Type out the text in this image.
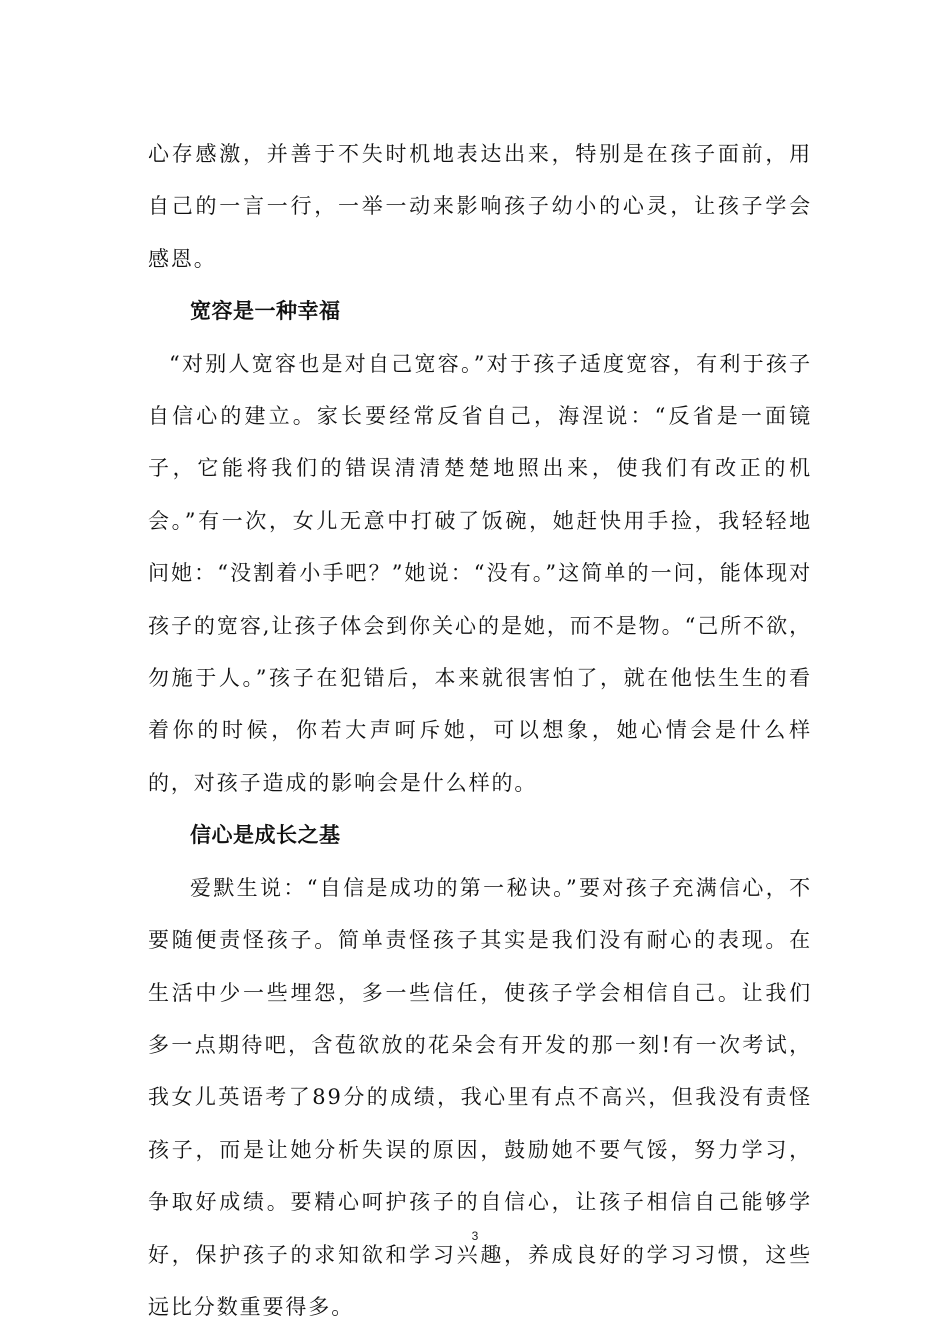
心存感激，并善于不失时机地表达出来，特别是在孩子面前，用自己的一言一行，一举一动来影响孩子幼小的心灵，让孩子学会感恩。

宽容是一种幸福

“对别人宽容也是对自己宽容。”对于孩子适度宽容，有利于孩子自信心的建立。家长要经常反省自己，海涅说：“反省是一面镜子，它能将我们的错误清清楚楚地照出来，使我们有改正的机会。”有一次，女儿无意中打破了饭碗，她赶快用手捡，我轻轻地问她：“没割着小手吧？”她说：“没有。”这简单的一问，能体现对孩子的宽容,让孩子体会到你关心的是她，而不是物。“己所不欲，勿施于人。”孩子在犯错后，本来就很害怕了，就在他怯生生的看着你的时候，你若大声呵斥她，可以想象，她心情会是什么样的，对孩子造成的影响会是什么样的。

信心是成长之基

爱默生说：“自信是成功的第一秘诀。”要对孩子充满信心，不要随便责怪孩子。简单责怪孩子其实是我们没有耐心的表现。在生活中少一些埋怨，多一些信任，使孩子学会相信自己。让我们多一点期待吧，含苞欲放的花朵会有开发的那一刻!有一次考试，我女儿英语考了89分的成绩，我心里有点不高兴，但我没有责怪孩子，而是让她分析失误的原因，鼓励她不要气馁，努力学习，争取好成绩。要精心呵护孩子的自信心，让孩子相信自己能够学好，保护孩子的求知欲和学习兴趣，养成良好的学习习惯，这些远比分数重要得多。

3
